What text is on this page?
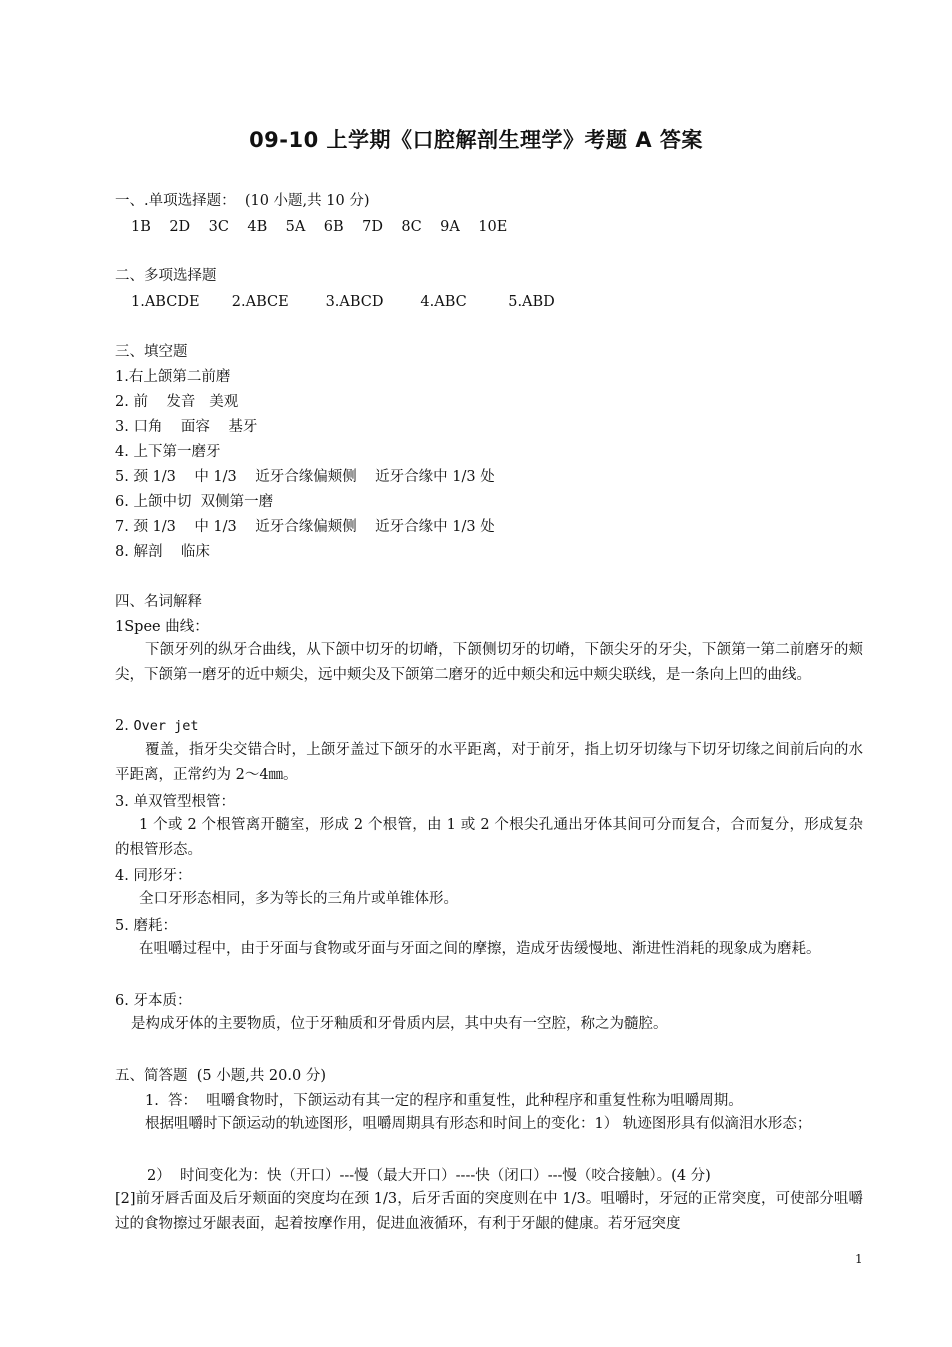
09-10 上学期《口腔解剖生理学》考题 A 答案
一、.单项选择题：  (10 小题,共 10 分)
1B    2D    3C    4B    5A    6B    7D    8C    9A    10E
二、多项选择题
1.ABCDE       2.ABCE        3.ABCD        4.ABC         5.ABD
三、填空题
1.右上颌第二前磨
2. 前    发音   美观
3. 口角    面容    基牙
4. 上下第一磨牙
5. 颈 1/3    中 1/3    近牙合缘偏颊侧    近牙合缘中 1/3 处
6. 上颌中切  双侧第一磨
7. 颈 1/3    中 1/3    近牙合缘偏颊侧    近牙合缘中 1/3 处
8. 解剖    临床
四、名词解释
1Spee 曲线：
下颌牙列的纵牙合曲线，从下颌中切牙的切嵴，下颌侧切牙的切嵴，下颌尖牙的牙尖，下颌第一第二前磨牙的颊尖，下颌第一磨牙的近中颊尖，远中颊尖及下颌第二磨牙的近中颊尖和远中颊尖联线，是一条向上凹的曲线。
2. Over jet
覆盖，指牙尖交错合时，上颌牙盖过下颌牙的水平距离，对于前牙，指上切牙切缘与下切牙切缘之间前后向的水平距离，正常约为 2～4㎜。
3. 单双管型根管：
1 个或 2 个根管离开髓室，形成 2 个根管，由 1 或 2 个根尖孔通出牙体其间可分而复合，合而复分，形成复杂的根管形态。
4. 同形牙：
全口牙形态相同，多为等长的三角片或单锥体形。
5. 磨耗：
在咀嚼过程中，由于牙面与食物或牙面与牙面之间的摩擦，造成牙齿缓慢地、渐进性消耗的现象成为磨耗。
6. 牙本质：
是构成牙体的主要物质，位于牙釉质和牙骨质内层，其中央有一空腔，称之为髓腔。
五、简答题  (5 小题,共 20.0 分)
1.  答：  咀嚼食物时，下颌运动有其一定的程序和重复性，此种程序和重复性称为咀嚼周期。
根据咀嚼时下颌运动的轨迹图形，咀嚼周期具有形态和时间上的变化：1） 轨迹图形具有似滴泪水形态；
2）  时间变化为：快（开口）---慢（最大开口）----快（闭口）---慢（咬合接触）。(4 分)
[2]前牙唇舌面及后牙颊面的突度均在颈 1/3，后牙舌面的突度则在中 1/3。咀嚼时，牙冠的正常突度，可使部分咀嚼过的食物擦过牙龈表面，起着按摩作用，促进血液循环，有利于牙龈的健康。若牙冠突度
1
